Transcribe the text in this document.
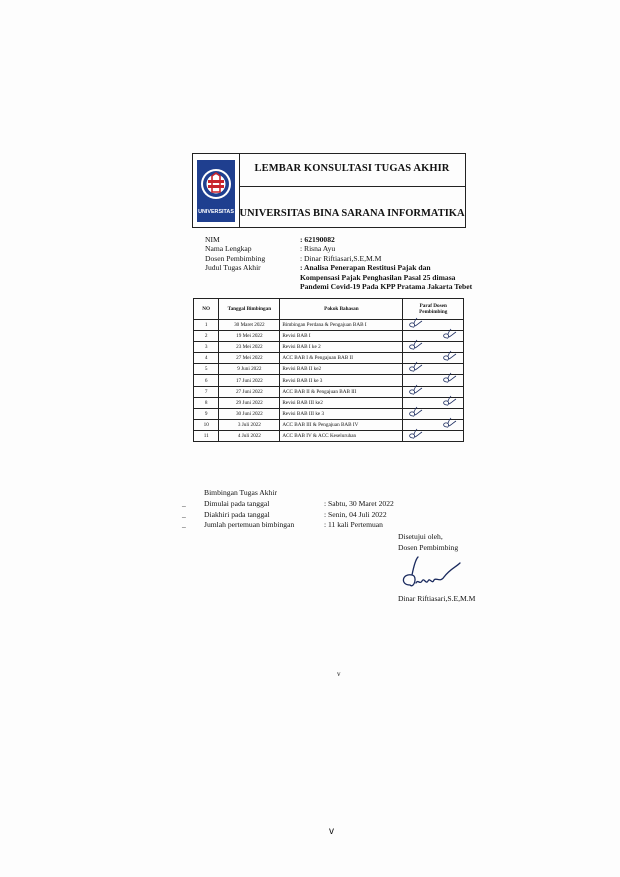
UNIVERSITAS
LEMBAR KONSULTASI TUGAS AKHIR
UNIVERSITAS BINA SARANA INFORMATIKA
NIM	: 62190082
Nama Lengkap	: Risna Ayu
Dosen Pembimbing	: Dinar Riftiasari,S.E,M.M
Judul Tugas Akhir	: Analisa Penerapan Restitusi Pajak dan
Kompensasi Pajak Penghasilan Pasal 25 dimasa
Pandemi Covid-19 Pada KPP Pratama Jakarta Tebet
NO	Tanggal Bimbingan	Pokok Bahasan	Paraf Dosen Pembimbing
1	30 Maret 2022	Bimbingan Perdana & Pengajuan BAB I	

2	19 Mei 2022	Revisi BAB I	

3	23 Mei 2022	Revisi BAB I ke 2	

4	27 Mei 2022	ACC BAB I & Pengajuan BAB II	

5	9 Juni 2022	Revisi BAB II ke2	

6	17 Juni 2022	Revisi BAB II ke 3	

7	27 Juni 2022	ACC BAB II & Pengajuan BAB III	

8	29 Juni 2022	Revisi BAB III ke2	

9	30 Juni 2022	Revisi BAB III ke 3	

10	3 Juli 2022	ACC BAB III & Pengajuan BAB IV	

11	4 Juli 2022	ACC BAB IV & ACC Keseluruhan	
Bimbingan Tugas Akhir
_ Dimulai pada tanggal	: Sabtu, 30 Maret 2022
_ Diakhiri pada tanggal	: Senin, 04 Juli 2022
_ Jumlah pertemuan bimbingan	: 11 kali Pertemuan
Disetujui oleh,
Dosen Pembimbing
Dinar Riftiasari,S.E,M.M
v
v
